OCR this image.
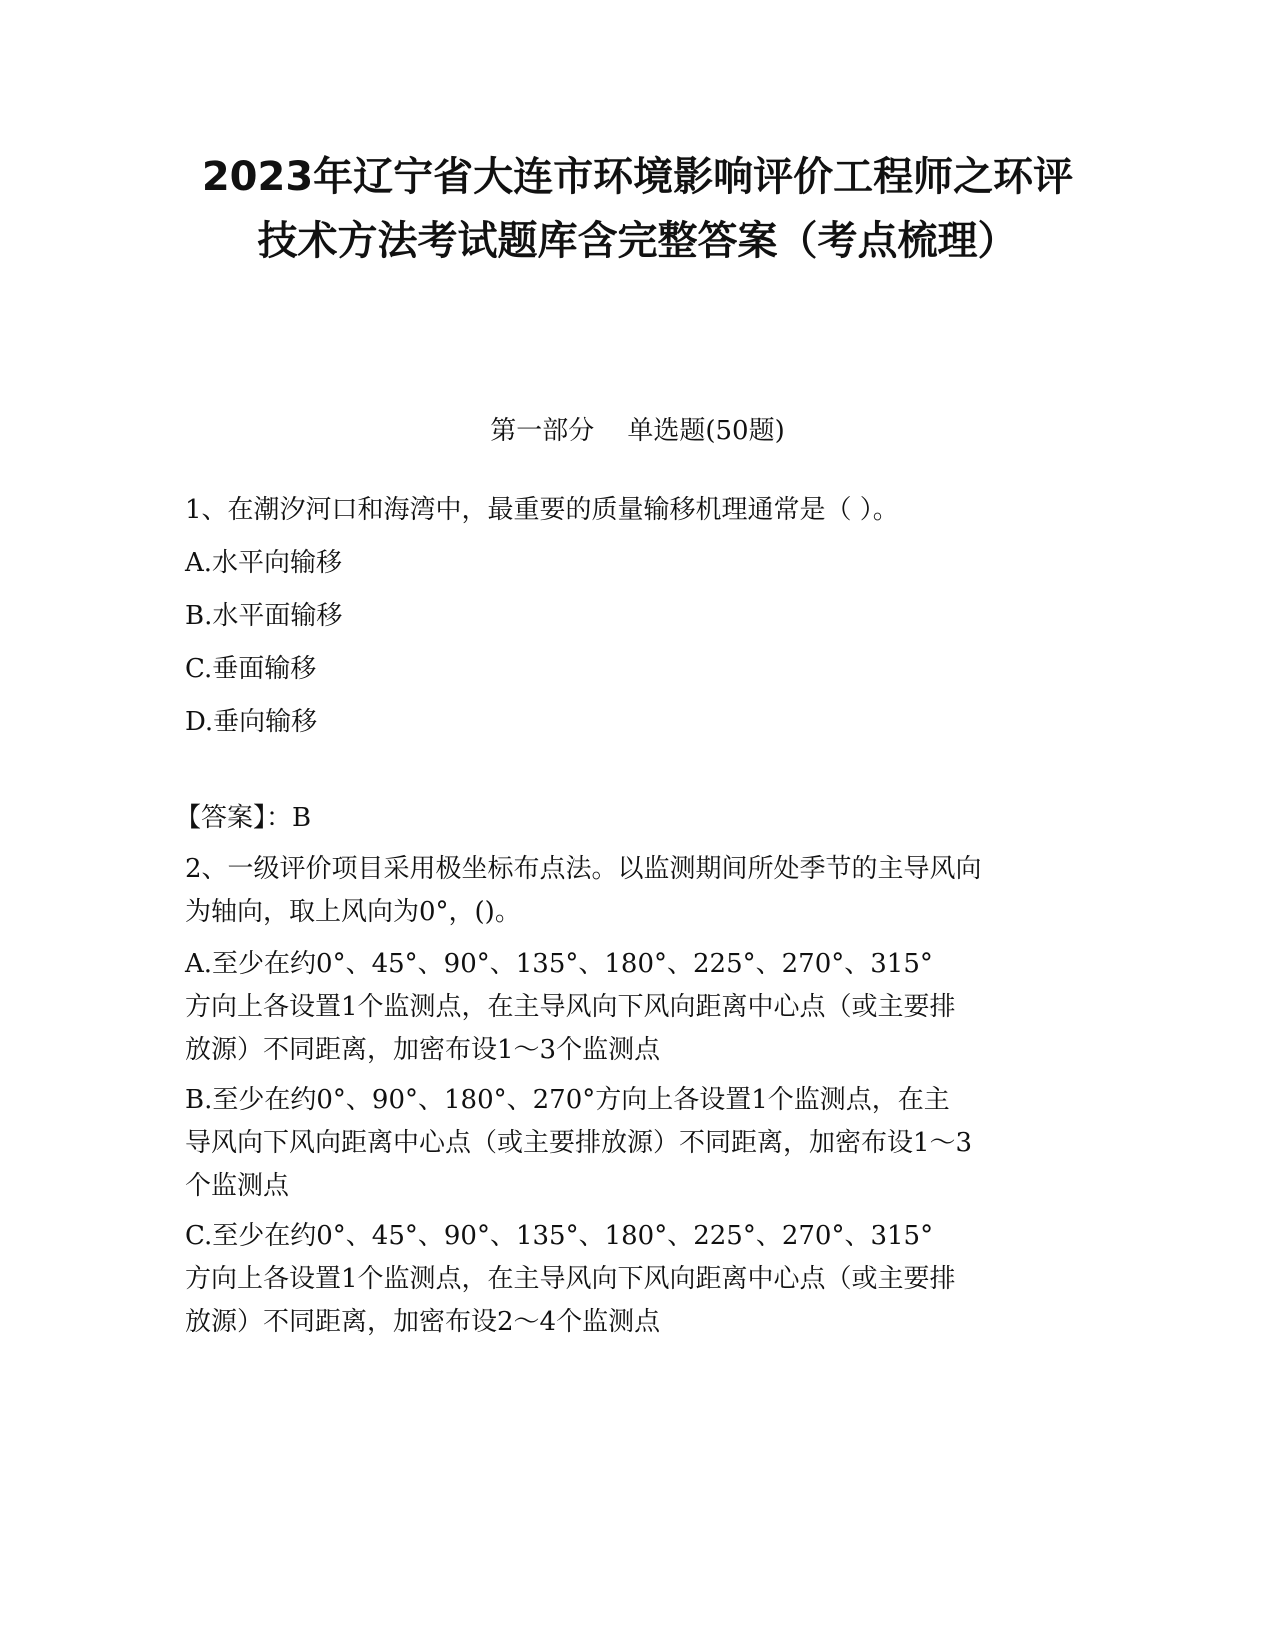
2023年辽宁省大连市环境影响评价工程师之环评
技术方法考试题库含完整答案（考点梳理）
第一部分    单选题(50题)
1、在潮汐河口和海湾中，最重要的质量输移机理通常是（ ）。
A.水平向输移
B.水平面输移
C.垂面输移
D.垂向输移
【答案】：B
2、一级评价项目采用极坐标布点法。以监测期间所处季节的主导风向
为轴向，取上风向为0°，()。
A.至少在约0°、45°、90°、135°、180°、225°、270°、315°
方向上各设置1个监测点，在主导风向下风向距离中心点（或主要排
放源）不同距离，加密布设1～3个监测点
B.至少在约0°、90°、180°、270°方向上各设置1个监测点，在主
导风向下风向距离中心点（或主要排放源）不同距离，加密布设1～3
个监测点
C.至少在约0°、45°、90°、135°、180°、225°、270°、315°
方向上各设置1个监测点，在主导风向下风向距离中心点（或主要排
放源）不同距离，加密布设2～4个监测点
